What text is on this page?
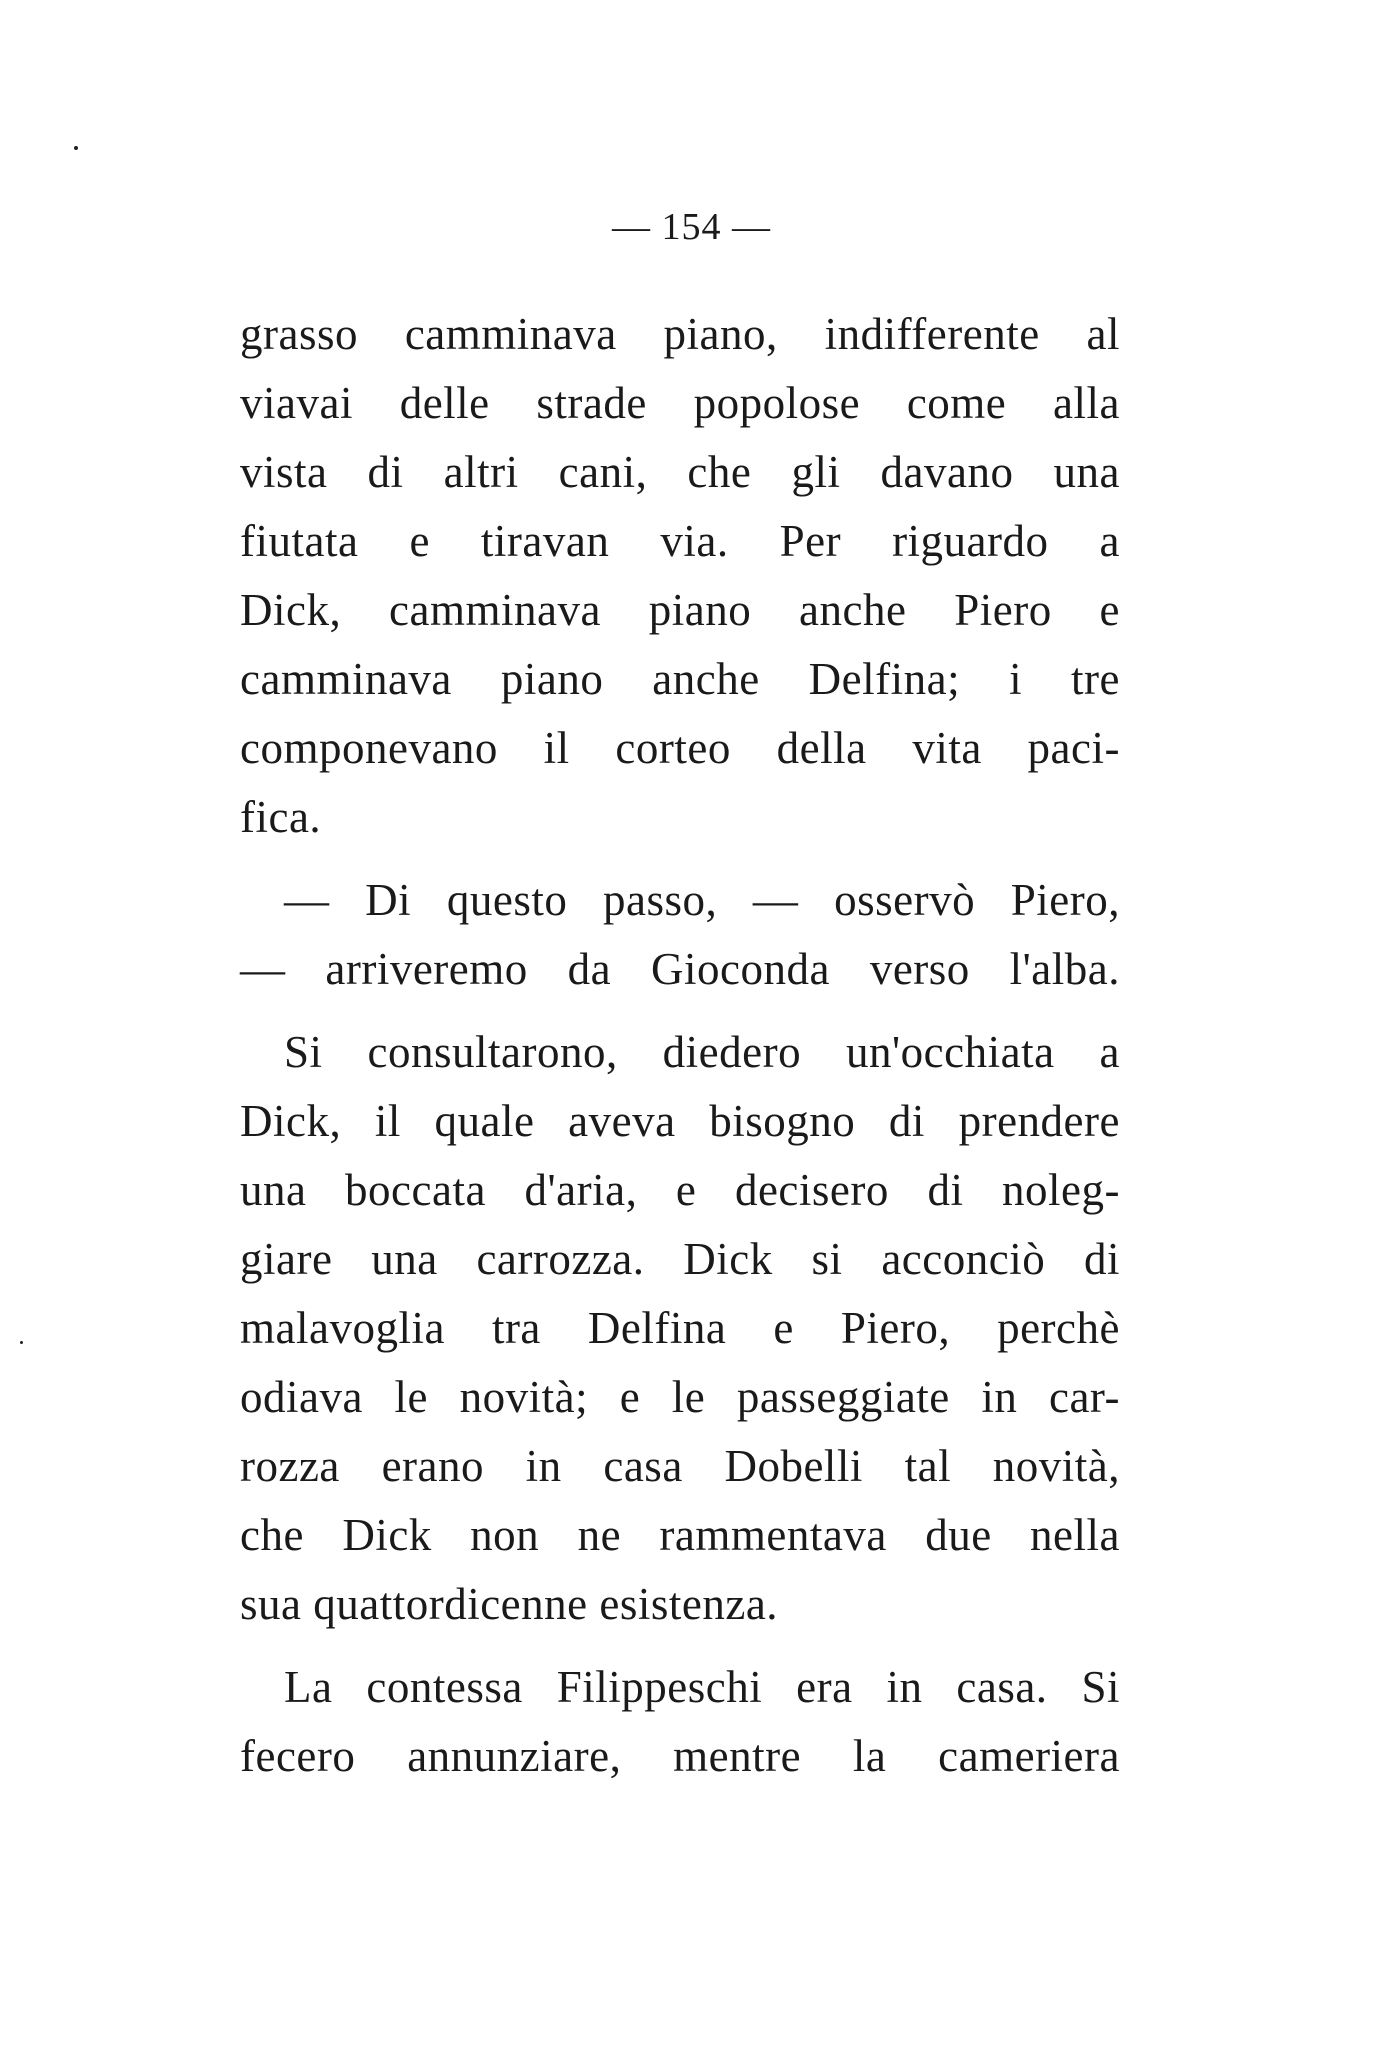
— 154 —
grasso camminava piano, indifferente al
viavai delle strade popolose come alla
vista di altri cani, che gli davano una
fiutata e tiravan via. Per riguardo a
Dick, camminava piano anche Piero e
camminava piano anche Delfina; i tre
componevano il corteo della vita paci-
fica.
— Di questo passo, — osservò Piero,
— arriveremo da Gioconda verso l'alba.
Si consultarono, diedero un'occhiata a
Dick, il quale aveva bisogno di prendere
una boccata d'aria, e decisero di noleg-
giare una carrozza. Dick si acconciò di
malavoglia tra Delfina e Piero, perchè
odiava le novità; e le passeggiate in car-
rozza erano in casa Dobelli tal novità,
che Dick non ne rammentava due nella
sua quattordicenne esistenza.
La contessa Filippeschi era in casa. Si
fecero annunziare, mentre la cameriera
